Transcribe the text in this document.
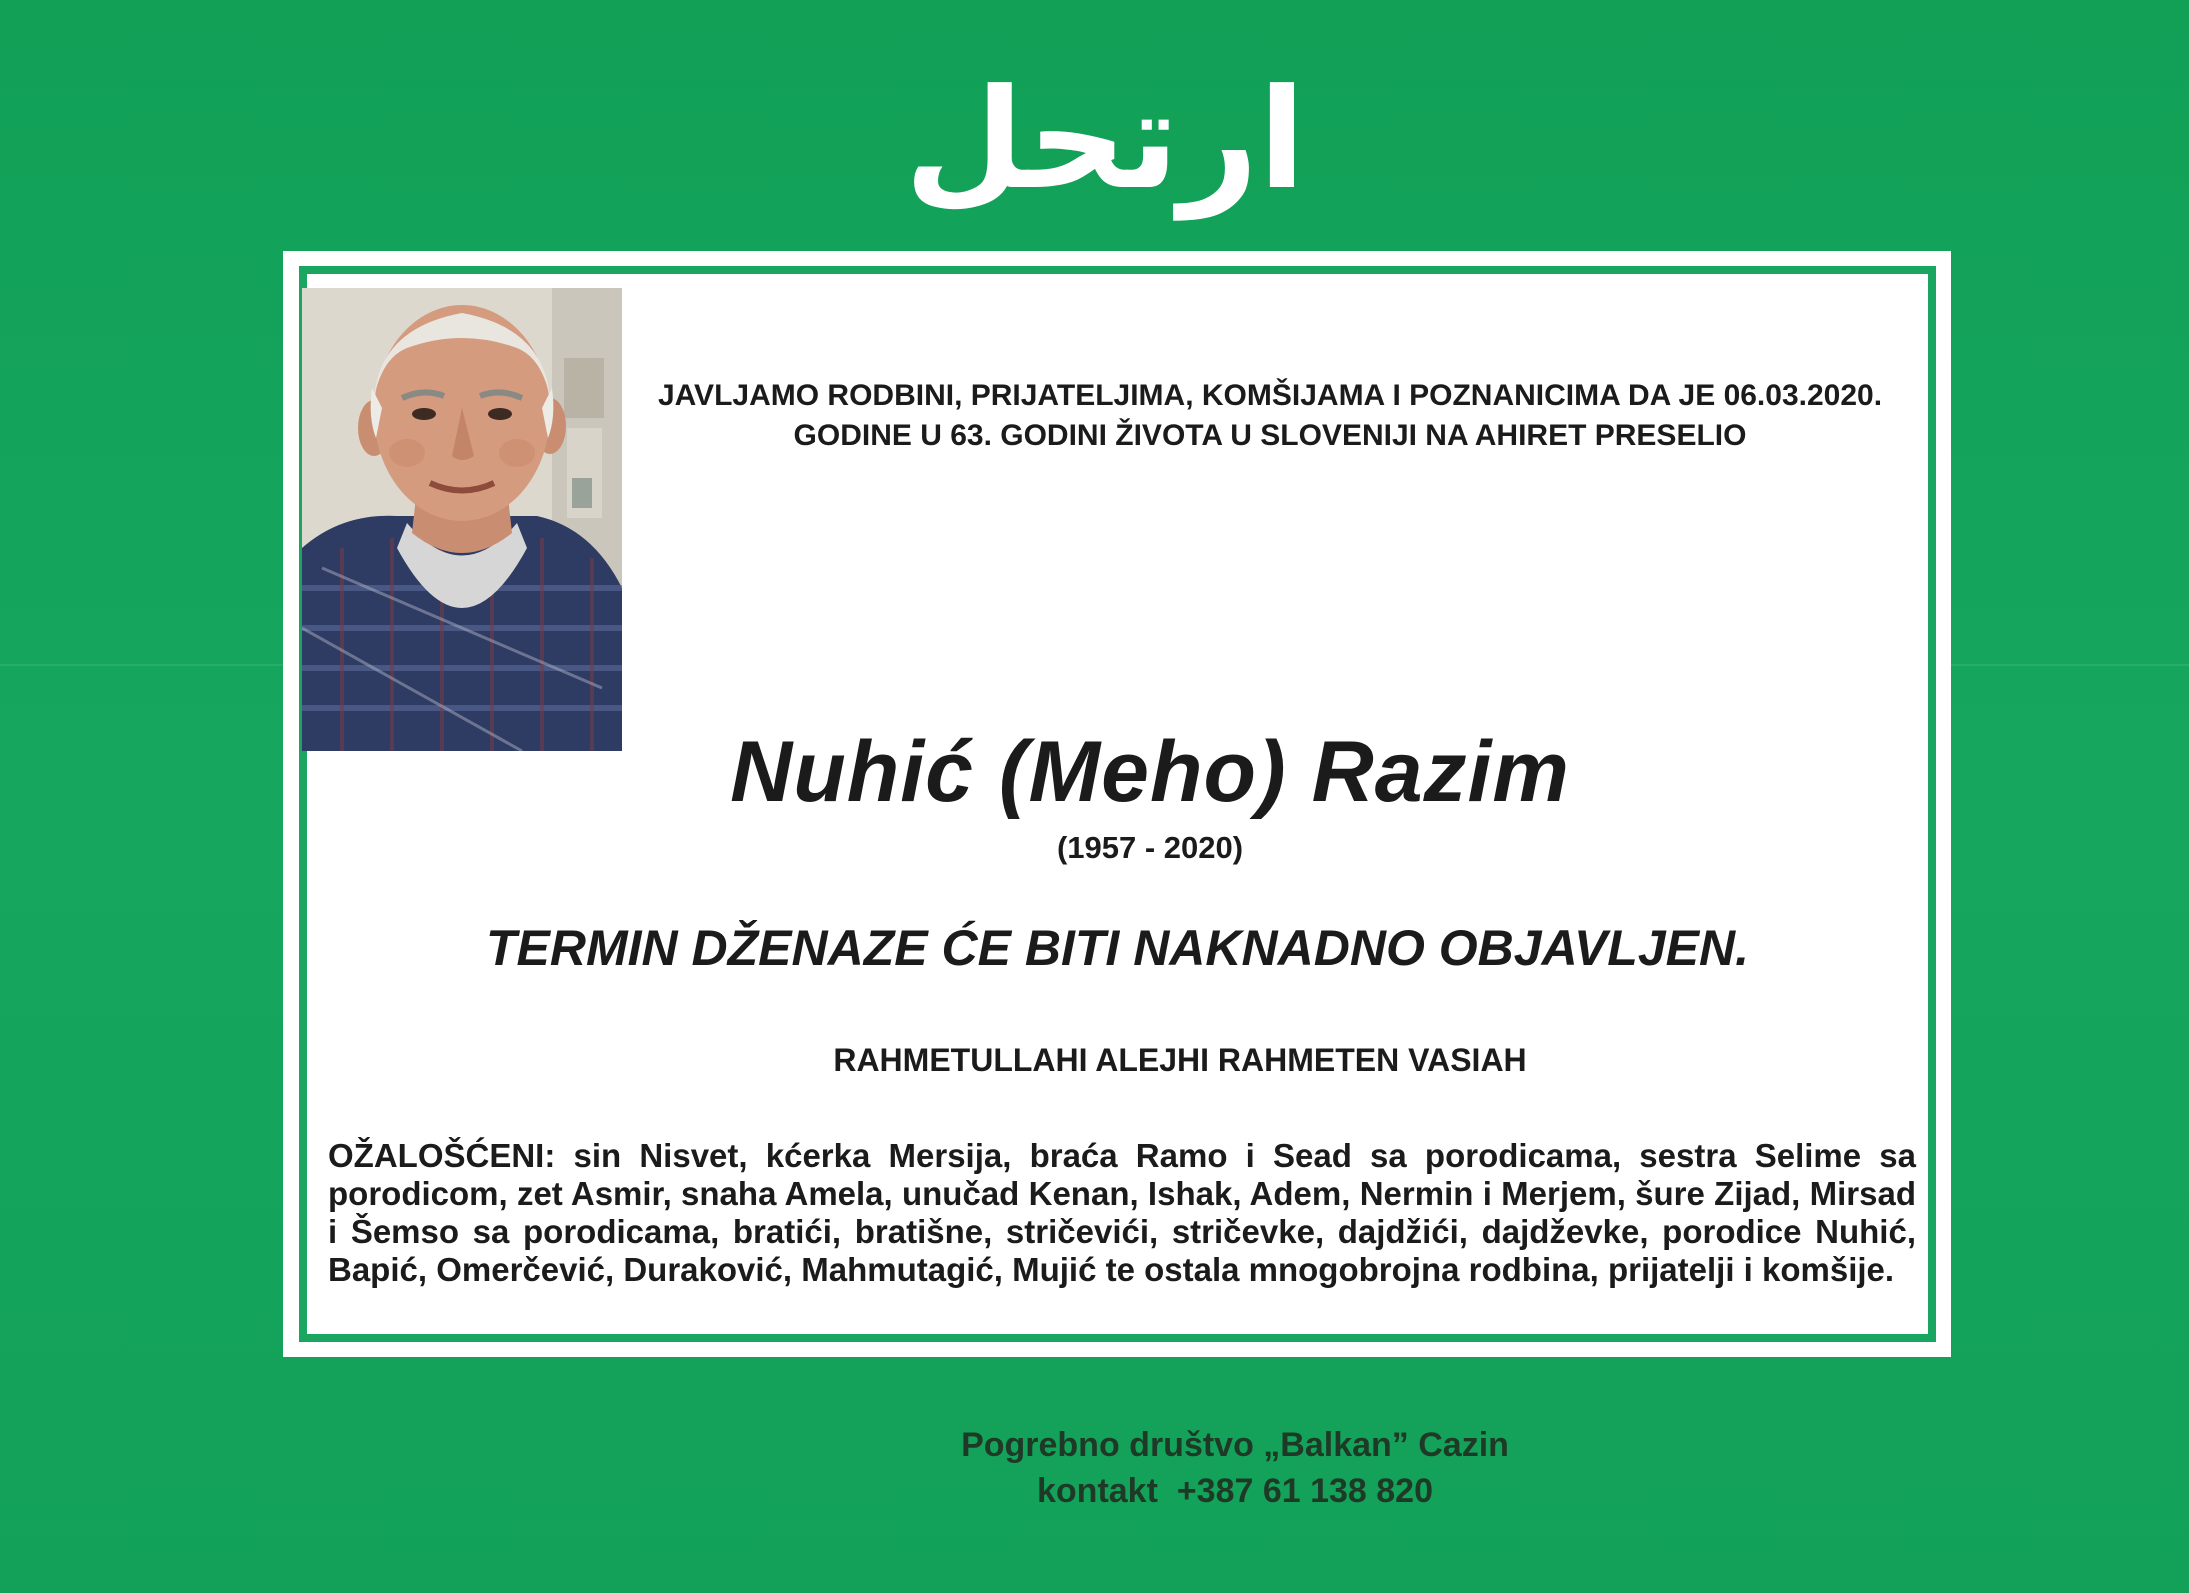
ارتحل
JAVLJAMO RODBINI, PRIJATELJIMA, KOMŠIJAMA I POZNANICIMA DA JE 06.03.2020. GODINE U 63. GODINI ŽIVOTA U SLOVENIJI NA AHIRET PRESELIO
Nuhić (Meho) Razim
(1957 - 2020)
TERMIN DŽENAZE ĆE BITI NAKNADNO OBJAVLJEN.
RAHMETULLAHI ALEJHI RAHMETEN VASIAH
OŽALOŠĆENI: sin Nisvet, kćerka Mersija, braća Ramo i Sead sa porodicama, sestra Selime sa porodicom, zet Asmir, snaha Amela, unučad Kenan, Ishak, Adem, Nermin i Merjem, šure Zijad, Mirsad i Šemso sa porodicama, bratići, bratišne, stričevići, stričevke, dajdžići, dajdževke, porodice Nuhić, Bapić, Omerčević, Duraković, Mahmutagić, Mujić te ostala mnogobrojna rodbina, prijatelji i komšije.
Pogrebno društvo „Balkan” Cazin
kontakt  +387 61 138 820
